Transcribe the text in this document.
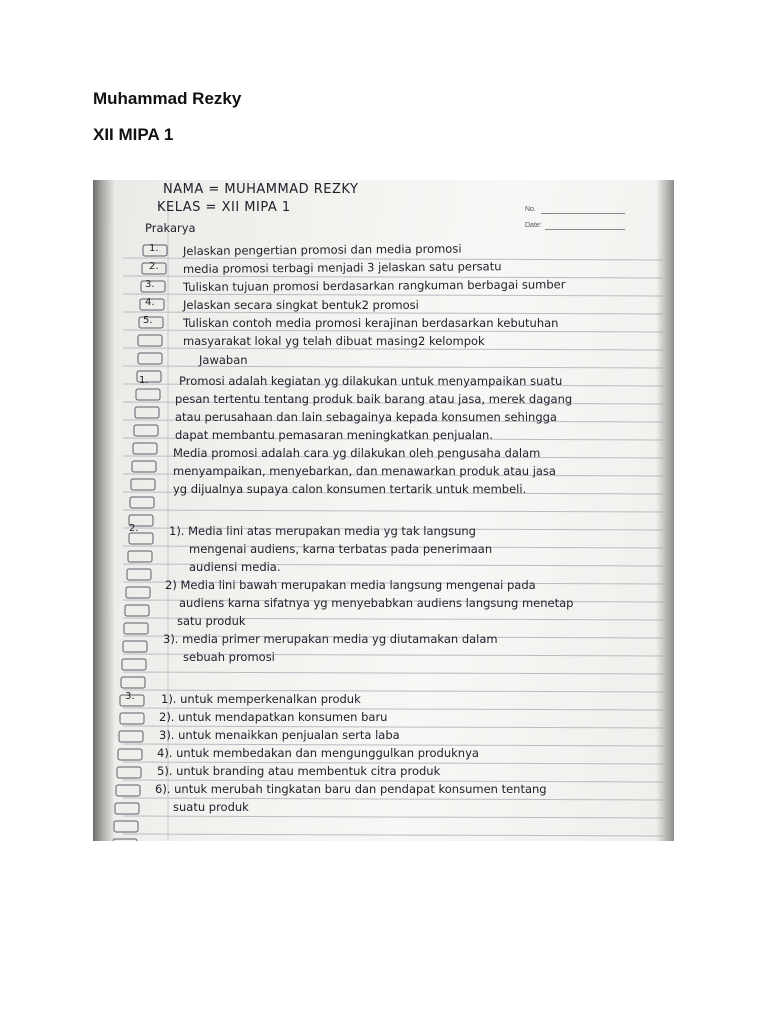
Muhammad Rezky

XII MIPA 1

No.
Date:

NAMA = MUHAMMAD REZKY

KELAS = XII MIPA 1

Prakarya

1.
2.
3.
4.
5.

Jelaskan pengertian promosi dan media promosi

media promosi terbagi menjadi 3 jelaskan satu persatu

Tuliskan tujuan promosi berdasarkan rangkuman berbagai sumber

Jelaskan secara singkat bentuk2 promosi

Tuliskan contoh media promosi kerajinan berdasarkan kebutuhan

masyarakat lokal yg telah dibuat masing2 kelompok

Jawaban

1.	Promosi adalah kegiatan yg dilakukan untuk menyampaikan suatu

pesan tertentu tentang produk baik barang atau jasa, merek dagang

atau perusahaan dan lain sebagainya kepada konsumen sehingga

dapat membantu pemasaran meningkatkan penjualan.

Media promosi adalah cara yg dilakukan oleh pengusaha dalam

menyampaikan, menyebarkan, dan menawarkan produk atau jasa

yg dijualnya supaya calon konsumen tertarik untuk membeli.

2.	1). Media lini atas merupakan media yg tak langsung

mengenai audiens, karna terbatas pada penerimaan

audiensi media.

2) Media lini bawah merupakan media langsung mengenai pada

audiens karna sifatnya yg menyebabkan audiens langsung menetap

satu produk

3). media primer merupakan media yg diutamakan dalam

sebuah promosi

3. 1). untuk memperkenalkan produk

2). untuk mendapatkan konsumen baru

3). untuk menaikkan penjualan serta laba

4). untuk membedakan dan mengunggulkan produknya

5). untuk branding atau membentuk citra produk

6). untuk merubah tingkatan baru dan pendapat konsumen tentang

suatu produk
